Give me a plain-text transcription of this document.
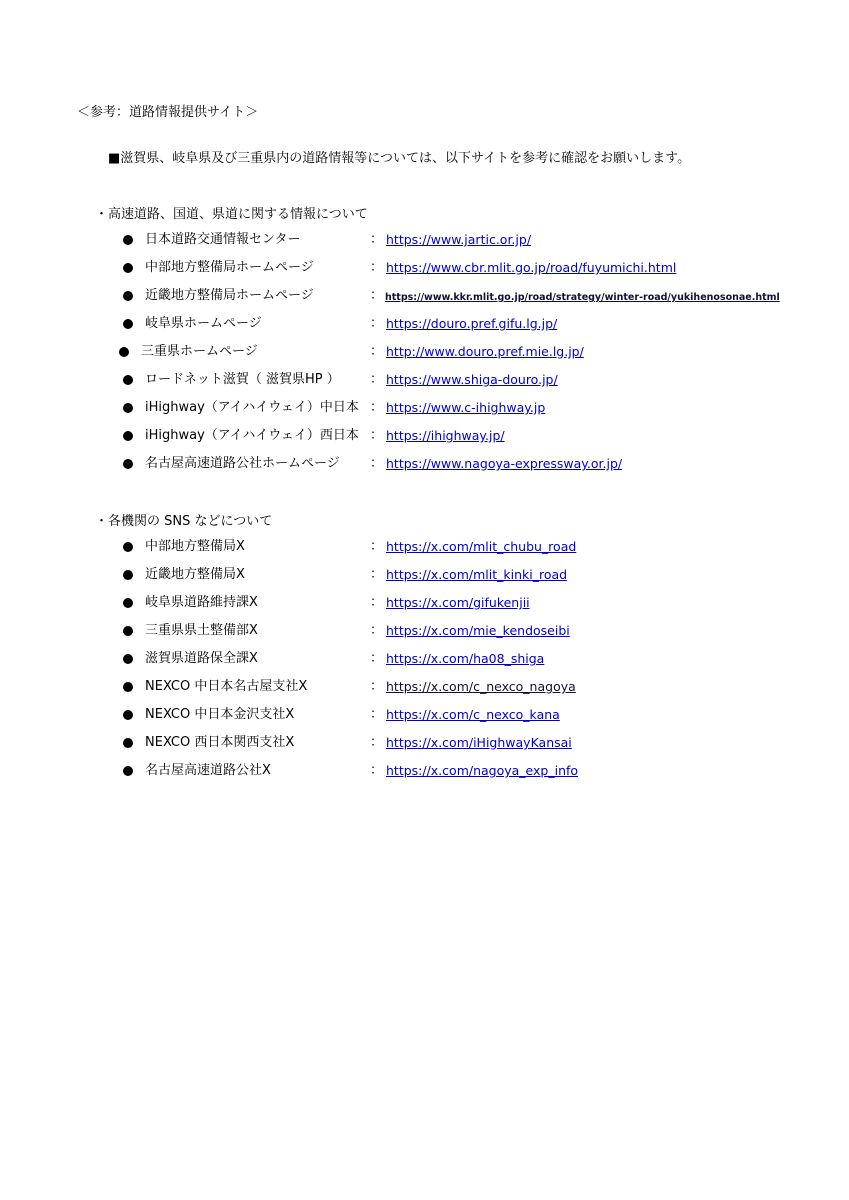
＜参考：道路情報提供サイト＞
■滋賀県、岐阜県及び三重県内の道路情報等については、以下サイトを参考に確認をお願いします。
・高速道路、国道、県道に関する情報について
日本道路交通情報センター	： https://www.jartic.or.jp/
中部地方整備局ホームページ	： https://www.cbr.mlit.go.jp/road/fuyumichi.html
近畿地方整備局ホームページ	： https://www.kkr.mlit.go.jp/road/strategy/winter-road/yukihenosonae.html
岐阜県ホームページ	： https://douro.pref.gifu.lg.jp/
三重県ホームページ	： http://www.douro.pref.mie.lg.jp/
ロードネット滋賀（ 滋賀県HP ） ： https://www.shiga-douro.jp/
iHighway（アイハイウェイ）中日本 ： https://www.c-ihighway.jp
iHighway（アイハイウェイ）西日本 ： https://ihighway.jp/
名古屋高速道路公社ホームページ ： https://www.nagoya-expressway.or.jp/
・各機関の SNS などについて
中部地方整備局X	： https://x.com/mlit_chubu_road
近畿地方整備局X	： https://x.com/mlit_kinki_road
岐阜県道路維持課X	： https://x.com/gifukenjii
三重県県土整備部X	： https://x.com/mie_kendoseibi
滋賀県道路保全課X	： https://x.com/ha08_shiga
NEXCO 中日本名古屋支社X	： https://x.com/c_nexco_nagoya
NEXCO 中日本金沢支社X	： https://x.com/c_nexco_kana
NEXCO 西日本関西支社X	： https://x.com/iHighwayKansai
名古屋高速道路公社X	： https://x.com/nagoya_exp_info
